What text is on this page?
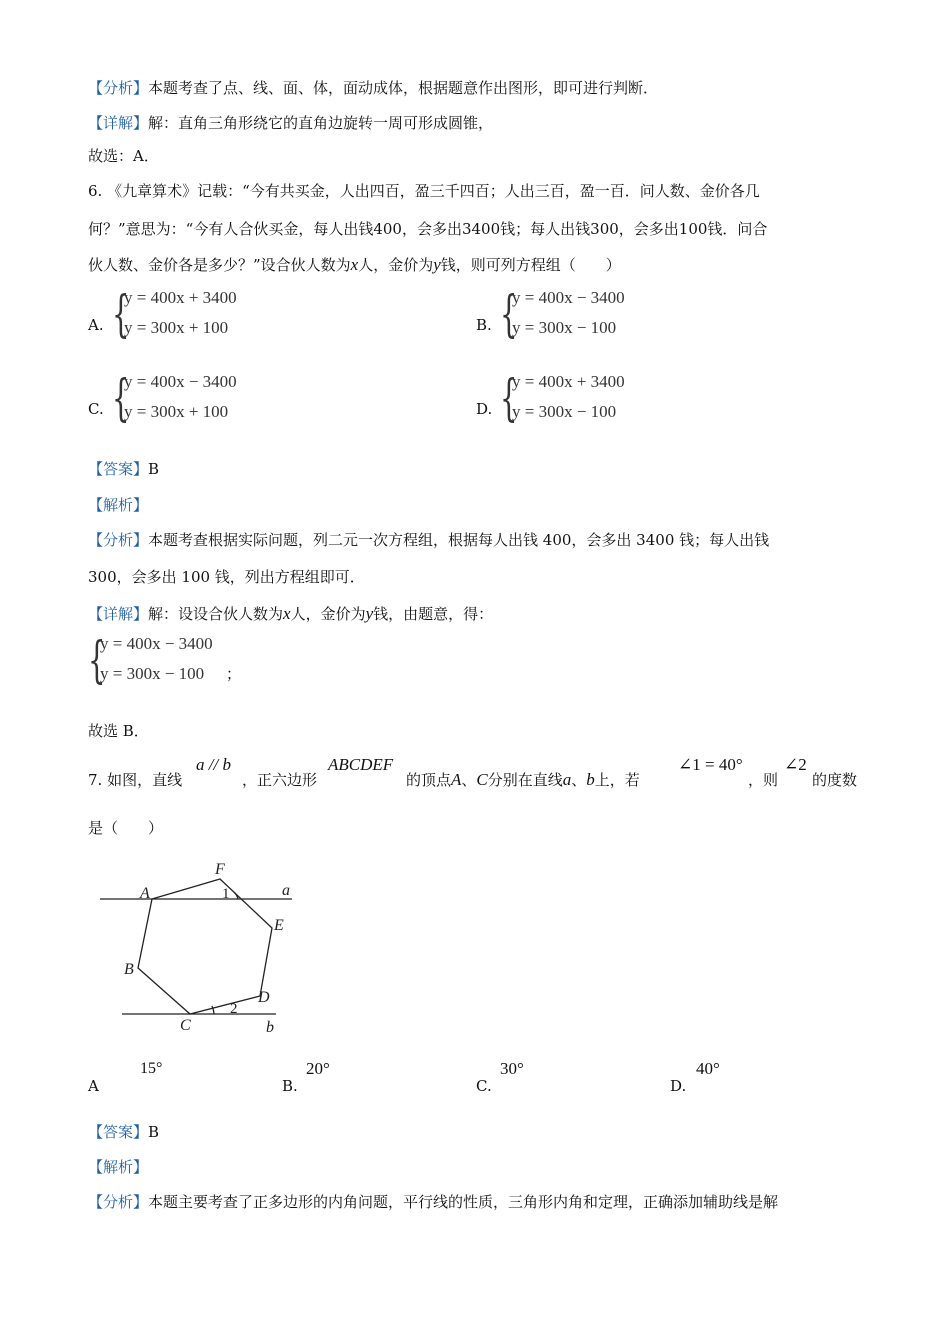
【分析】本题考查了点、线、面、体，面动成体，根据题意作出图形，即可进行判断．
【详解】解：直角三角形绕它的直角边旋转一周可形成圆锥，
故选：A．
6. 《九章算术》记载：“今有共买金，人出四百，盈三千四百；人出三百，盈一百．问人数、金价各几
何？”意思为：“今有人合伙买金，每人出钱400，会多出3400钱；每人出钱300，会多出100钱．问合
伙人数、金价各是多少？”设合伙人数为x人，金价为y钱，则可列方程组（　　）
A. {
y = 400x + 3400
y = 300x + 100	B. {
y = 400x − 3400
y = 300x − 100
C. {
y = 400x − 3400
y = 300x + 100	D. {
y = 400x + 3400
y = 300x − 100
【答案】B
【解析】
【分析】本题考查根据实际问题，列二元一次方程组，根据每人出钱 400，会多出 3400 钱；每人出钱
300，会多出 100 钱，列出方程组即可．
【详解】解：设设合伙人数为x人，金价为y钱，由题意，得：
{
y = 400x − 3400
y = 300x − 100 ；
故选 B．
7. 如图，直线
a // b
，正六边形
ABCDEF
的顶点A、C分别在直线a、b上，若
∠1 = 40°
，则
∠2
的度数
是（　　）
A
F
a
E
B
D
C	b
1
2
A
15°
B.
20°
C.
30°
D.
40°
【答案】B
【解析】
【分析】本题主要考查了正多边形的内角问题，平行线的性质，三角形内角和定理，正确添加辅助线是解
